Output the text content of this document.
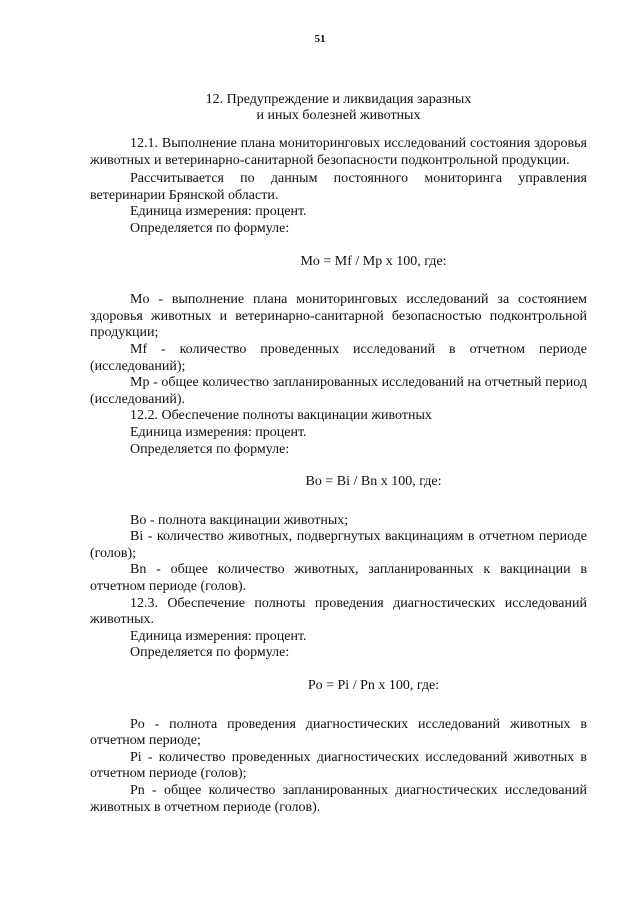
51
12. Предупреждение и ликвидация заразных
и иных болезней животных

12.1. Выполнение плана мониторинговых исследований состояния здоровья животных и ветеринарно-санитарной безопасности подконтрольной продукции.

Рассчитывается по данным постоянного мониторинга управления ветеринарии Брянской области.

Единица измерения: процент.

Определяется по формуле:

Mo = Mf / Mp x 100, где:

Mo - выполнение плана мониторинговых исследований за состоянием здоровья животных и ветеринарно-санитарной безопасностью подконтрольной продукции;

Mf - количество проведенных исследований в отчетном периоде (исследований);

Mp - общее количество запланированных исследований на отчетный период (исследований).

12.2. Обеспечение полноты вакцинации животных

Единица измерения: процент.

Определяется по формуле:

Bo = Bi / Bn x 100, где:

Bo - полнота вакцинации животных;

Bi - количество животных, подвергнутых вакцинациям в отчетном периоде (голов);

Bn - общее количество животных, запланированных к вакцинации в отчетном периоде (голов).

12.3. Обеспечение полноты проведения диагностических исследований животных.

Единица измерения: процент.

Определяется по формуле:

Po = Pi / Pn x 100, где:

Po - полнота проведения диагностических исследований животных в отчетном периоде;

Pi - количество проведенных диагностических исследований животных в отчетном периоде (голов);

Pn - общее количество запланированных диагностических исследований животных в отчетном периоде (голов).
